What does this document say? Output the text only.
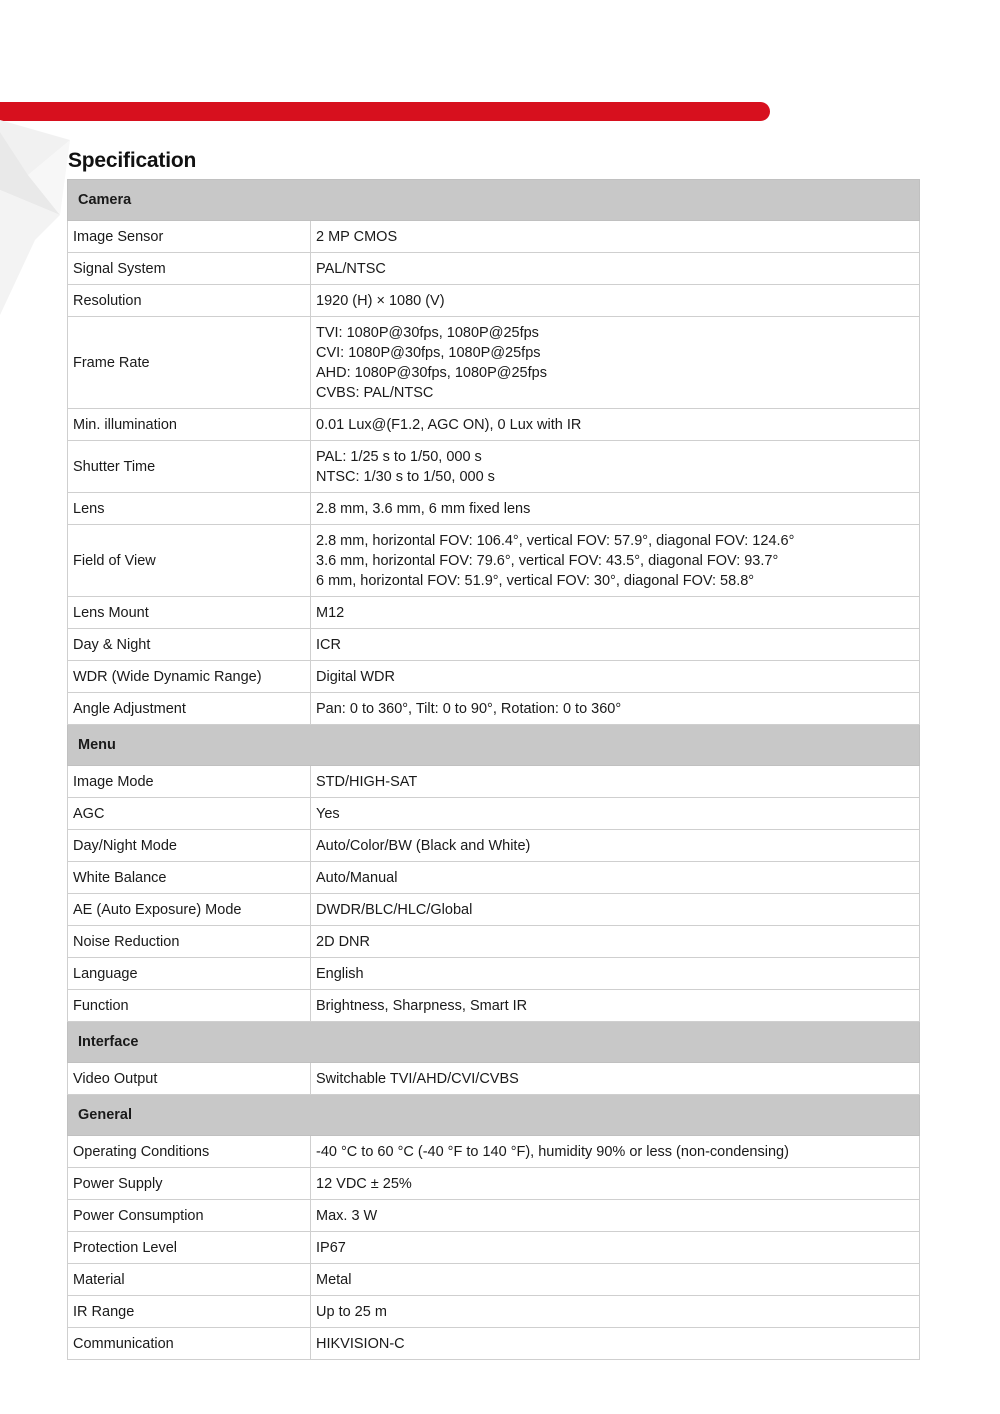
Specification
Camera	
Image Sensor	2 MP CMOS

Signal System	PAL/NTSC

Resolution	1920 (H) × 1080 (V)

Frame Rate	TVI: 1080P@30fps, 1080P@25fps
CVI: 1080P@30fps, 1080P@25fps
AHD: 1080P@30fps, 1080P@25fps
CVBS: PAL/NTSC

Min. illumination	0.01 Lux@(F1.2, AGC ON), 0 Lux with IR

Shutter Time	PAL: 1/25 s to 1/50, 000 s
NTSC: 1/30 s to 1/50, 000 s

Lens	2.8 mm, 3.6 mm, 6 mm fixed lens

Field of View	2.8 mm, horizontal FOV: 106.4°, vertical FOV: 57.9°, diagonal FOV: 124.6°
3.6 mm, horizontal FOV: 79.6°, vertical FOV: 43.5°, diagonal FOV: 93.7°
6 mm, horizontal FOV: 51.9°, vertical FOV: 30°, diagonal FOV: 58.8°

Lens Mount	M12

Day & Night	ICR

WDR (Wide Dynamic Range)	Digital WDR

Angle Adjustment	Pan: 0 to 360°, Tilt: 0 to 90°, Rotation: 0 to 360°

Menu	
Image Mode	STD/HIGH-SAT

AGC	Yes

Day/Night Mode	Auto/Color/BW (Black and White)

White Balance	Auto/Manual

AE (Auto Exposure) Mode	DWDR/BLC/HLC/Global

Noise Reduction	2D DNR

Language	English

Function	Brightness, Sharpness, Smart IR

Interface	
Video Output	Switchable TVI/AHD/CVI/CVBS

General	
Operating Conditions	-40 °C to 60 °C (-40 °F to 140 °F), humidity 90% or less (non-condensing)

Power Supply	12 VDC ± 25%

Power Consumption	Max. 3 W

Protection Level	IP67

Material	Metal

IR Range	Up to 25 m

Communication	HIKVISION-C
